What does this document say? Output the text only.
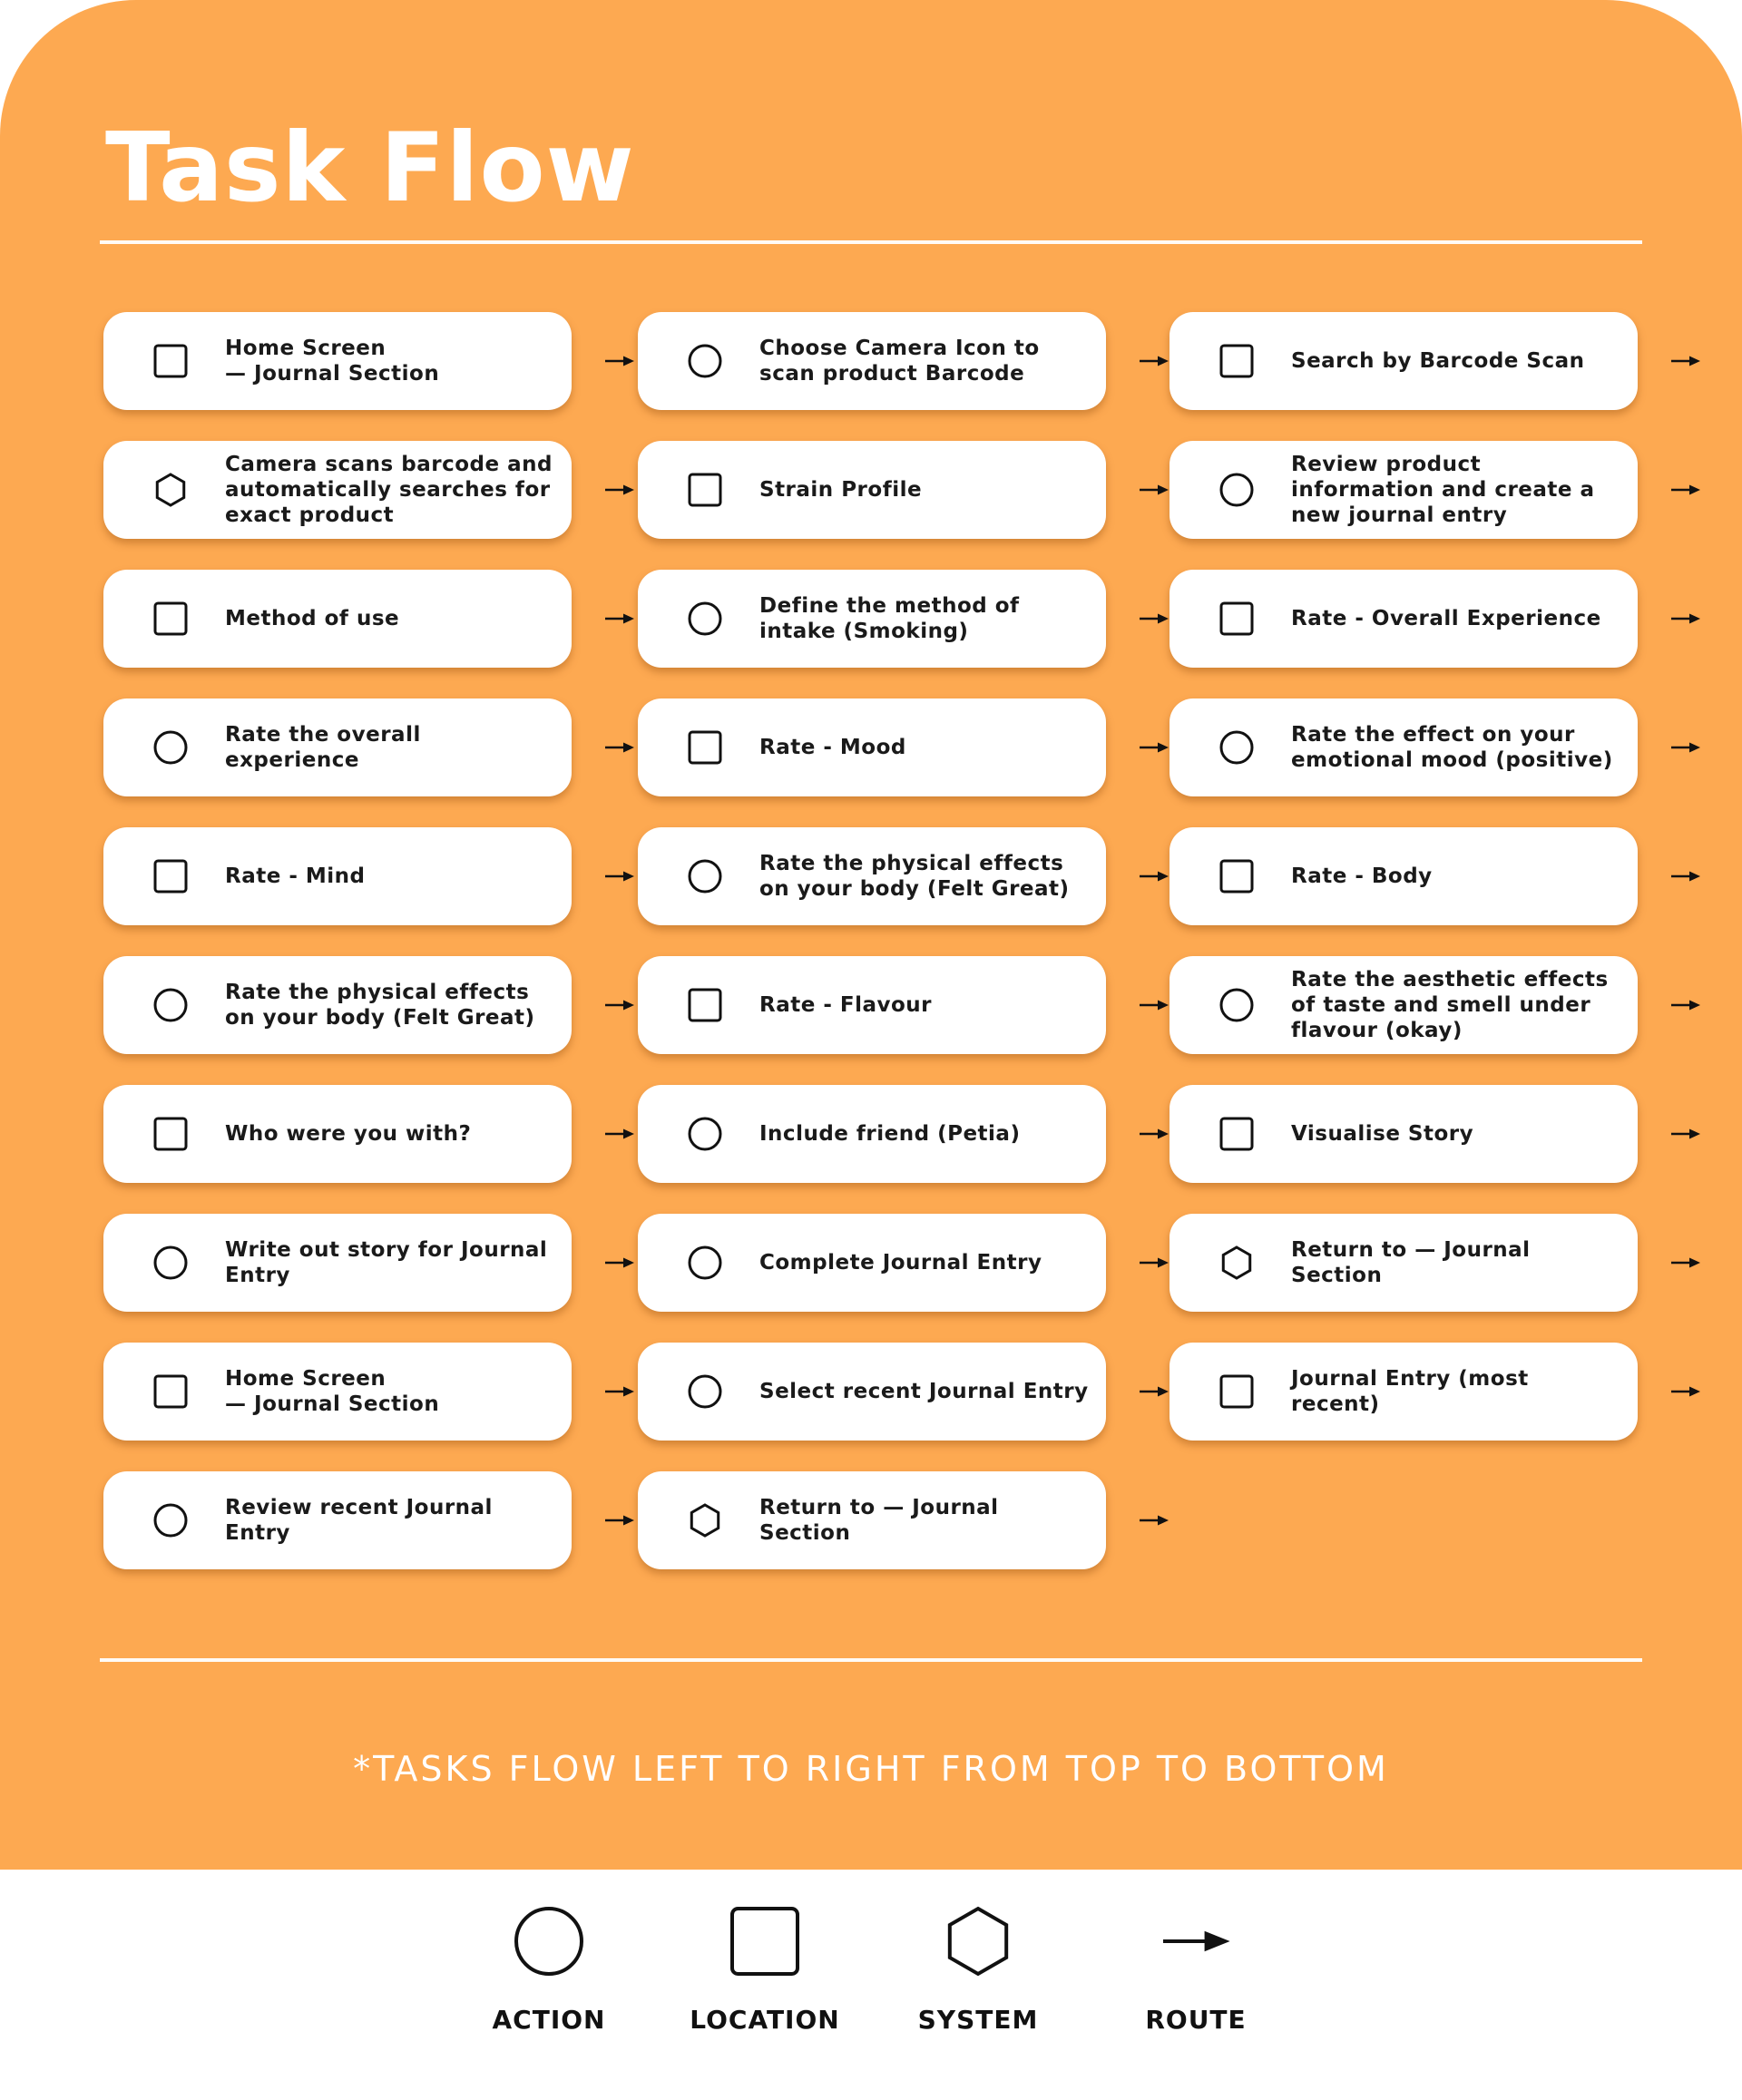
Task Flow
Home Screen
— Journal Section
Choose Camera Icon to scan product Barcode
Search by Barcode Scan
Camera scans barcode and automatically searches for exact product
Strain Profile
Review product information and create a new journal entry
Method of use
Define the method of intake (Smoking)
Rate - Overall Experience
Rate the overall experience
Rate - Mood
Rate the effect on your emotional mood (positive)
Rate - Mind
Rate the physical effects on your body (Felt Great)
Rate - Body
Rate the physical effects on your body (Felt Great)
Rate - Flavour
Rate the aesthetic effects of taste and smell under flavour (okay)
Who were you with?	Include friend (Petia)	Visualise Story
Write out story for Journal Entry
Complete Journal Entry
Return to — Journal Section
Home Screen
— Journal Section
Select recent Journal Entry
Journal Entry (most recent)
Review recent Journal Entry
Return to — Journal Section
*TASKS FLOW LEFT TO RIGHT FROM TOP TO BOTTOM
ACTION	LOCATION	SYSTEM	ROUTE
